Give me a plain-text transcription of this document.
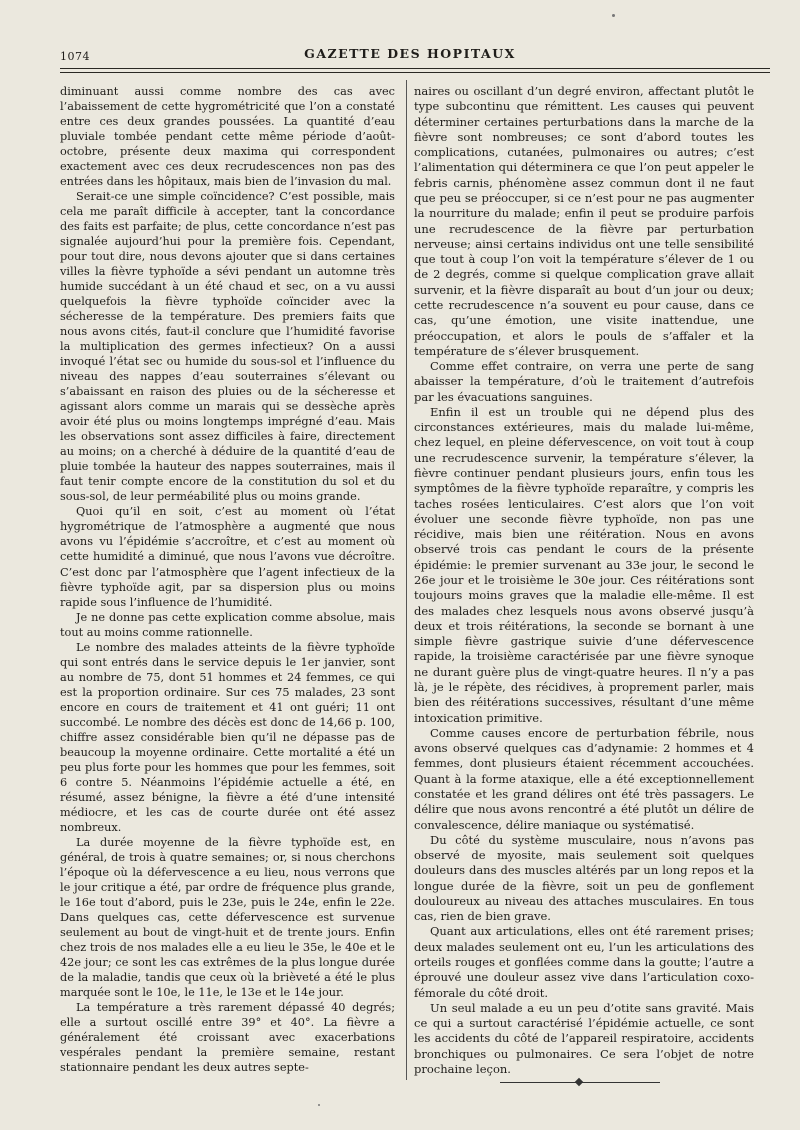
1074	GAZETTE DES HOPITAUX

diminuant aussi comme nombre des cas avec l’abaissement de cette hygrométricité que l’on a constaté entre ces deux grandes poussées. La quantité d’eau pluviale tombée pendant cette même période d’août-octobre, présente deux maxima qui correspondent exactement avec ces deux recrudescences non pas des entrées dans les hôpitaux, mais bien de l’invasion du mal.

Serait-ce une simple coïncidence? C’est possible, mais cela me paraît difficile à accepter, tant la concordance des faits est parfaite; de plus, cette concordance n’est pas signalée aujourd’hui pour la première fois. Cependant, pour tout dire, nous devons ajouter que si dans certaines villes la fièvre typhoïde a sévi pendant un automne très humide succédant à un été chaud et sec, on a vu aussi quelquefois la fièvre typhoïde coïncider avec la sécheresse de la température. Des premiers faits que nous avons cités, faut-il conclure que l’humidité favorise la multiplication des germes infectieux? On a aussi invoqué l’état sec ou humide du sous-sol et l’influence du niveau des nappes d’eau souterraines s’élevant ou s’abaissant en raison des pluies ou de la sécheresse et agissant alors comme un marais qui se dessèche après avoir été plus ou moins longtemps imprégné d’eau. Mais les observations sont assez difficiles à faire, directement au moins; on a cherché à déduire de la quantité d’eau de pluie tombée la hauteur des nappes souterraines, mais il faut tenir compte encore de la constitution du sol et du sous-sol, de leur perméabilité plus ou moins grande.

Quoi qu’il en soit, c’est au moment où l’état hygrométrique de l’atmosphère a augmenté que nous avons vu l’épidémie s’accroître, et c’est au moment où cette humidité a diminué, que nous l’avons vue décroître. C’est donc par l’atmosphère que l’agent infectieux de la fièvre typhoïde agit, par sa dispersion plus ou moins rapide sous l’influence de l’humidité.

Je ne donne pas cette explication comme absolue, mais tout au moins comme rationnelle.

Le nombre des malades atteints de la fièvre typhoïde qui sont entrés dans le service depuis le 1er janvier, sont au nombre de 75, dont 51 hommes et 24 femmes, ce qui est la proportion ordinaire. Sur ces 75 malades, 23 sont encore en cours de traitement et 41 ont guéri; 11 ont succombé. Le nombre des décès est donc de 14,66 p. 100, chiffre assez considérable bien qu’il ne dépasse pas de beaucoup la moyenne ordinaire. Cette mortalité a été un peu plus forte pour les hommes que pour les femmes, soit 6 contre 5. Néanmoins l’épidémie actuelle a été, en résumé, assez bénigne, la fièvre a été d’une intensité médiocre, et les cas de courte durée ont été assez nombreux.

La durée moyenne de la fièvre typhoïde est, en général, de trois à quatre semaines; or, si nous cherchons l’époque où la défervescence a eu lieu, nous verrons que le jour critique a été, par ordre de fréquence plus grande, le 16e tout d’abord, puis le 23e, puis le 24e, enfin le 22e. Dans quelques cas, cette défervescence est survenue seulement au bout de vingt-huit et de trente jours. Enfin chez trois de nos malades elle a eu lieu le 35e, le 40e et le 42e jour; ce sont les cas extrêmes de la plus longue durée de la maladie, tandis que ceux où la brièveté a été le plus marquée sont le 10e, le 11e, le 13e et le 14e jour.

La température a très rarement dépassé 40 degrés; elle a surtout oscillé entre 39° et 40°. La fièvre a généralement été croissant avec exacerbations vespérales pendant la première semaine, restant stationnaire pendant les deux autres septe-

naires ou oscillant d’un degré environ, affectant plutôt le type subcontinu que rémittent. Les causes qui peuvent déterminer certaines perturbations dans la marche de la fièvre sont nombreuses; ce sont d’abord toutes les complications, cutanées, pulmonaires ou autres; c’est l’alimentation qui déterminera ce que l’on peut appeler le febris carnis, phénomène assez commun dont il ne faut que peu se préoccuper, si ce n’est pour ne pas augmenter la nourriture du malade; enfin il peut se produire parfois une recrudescence de la fièvre par perturbation nerveuse; ainsi certains individus ont une telle sensibilité que tout à coup l’on voit la température s’élever de 1 ou de 2 degrés, comme si quelque complication grave allait survenir, et la fièvre disparaît au bout d’un jour ou deux; cette recrudescence n’a souvent eu pour cause, dans ce cas, qu’une émotion, une visite inattendue, une préoccupation, et alors le pouls de s’affaler et la température de s’élever brusquement.

Comme effet contraire, on verra une perte de sang abaisser la température, d’où le traitement d’autrefois par les évacuations sanguines.

Enfin il est un trouble qui ne dépend plus des circonstances extérieures, mais du malade lui-même, chez lequel, en pleine défervescence, on voit tout à coup une recrudescence survenir, la température s’élever, la fièvre continuer pendant plusieurs jours, enfin tous les symptômes de la fièvre typhoïde reparaître, y compris les taches rosées lenticulaires. C’est alors que l’on voit évoluer une seconde fièvre typhoïde, non pas une récidive, mais bien une réitération. Nous en avons observé trois cas pendant le cours de la présente épidémie: le premier survenant au 33e jour, le second le 26e jour et le troisième le 30e jour. Ces réitérations sont toujours moins graves que la maladie elle-même. Il est des malades chez lesquels nous avons observé jusqu’à deux et trois réitérations, la seconde se bornant à une simple fièvre gastrique suivie d’une défervescence rapide, la troisième caractérisée par une fièvre synoque ne durant guère plus de vingt-quatre heures. Il n’y a pas là, je le répète, des récidives, à proprement parler, mais bien des réitérations successives, résultant d’une même intoxication primitive.

Comme causes encore de perturbation fébrile, nous avons observé quelques cas d’adynamie: 2 hommes et 4 femmes, dont plusieurs étaient récemment accouchées. Quant à la forme ataxique, elle a été exceptionnellement constatée et les grand délires ont été très passagers. Le délire que nous avons rencontré a été plutôt un délire de convalescence, délire maniaque ou systématisé.

Du côté du système musculaire, nous n’avons pas observé de myosite, mais seulement soit quelques douleurs dans des muscles altérés par un long repos et la longue durée de la fièvre, soit un peu de gonflement douloureux au niveau des attaches musculaires. En tous cas, rien de bien grave.

Quant aux articulations, elles ont été rarement prises; deux malades seulement ont eu, l’un les articulations des orteils rouges et gonflées comme dans la goutte; l’autre a éprouvé une douleur assez vive dans l’articulation coxo-fémorale du côté droit.

Un seul malade a eu un peu d’otite sans gravité. Mais ce qui a surtout caractérisé l’épidémie actuelle, ce sont les accidents du côté de l’appareil respiratoire, accidents bronchiques ou pulmonaires. Ce sera l’objet de notre prochaine leçon.
